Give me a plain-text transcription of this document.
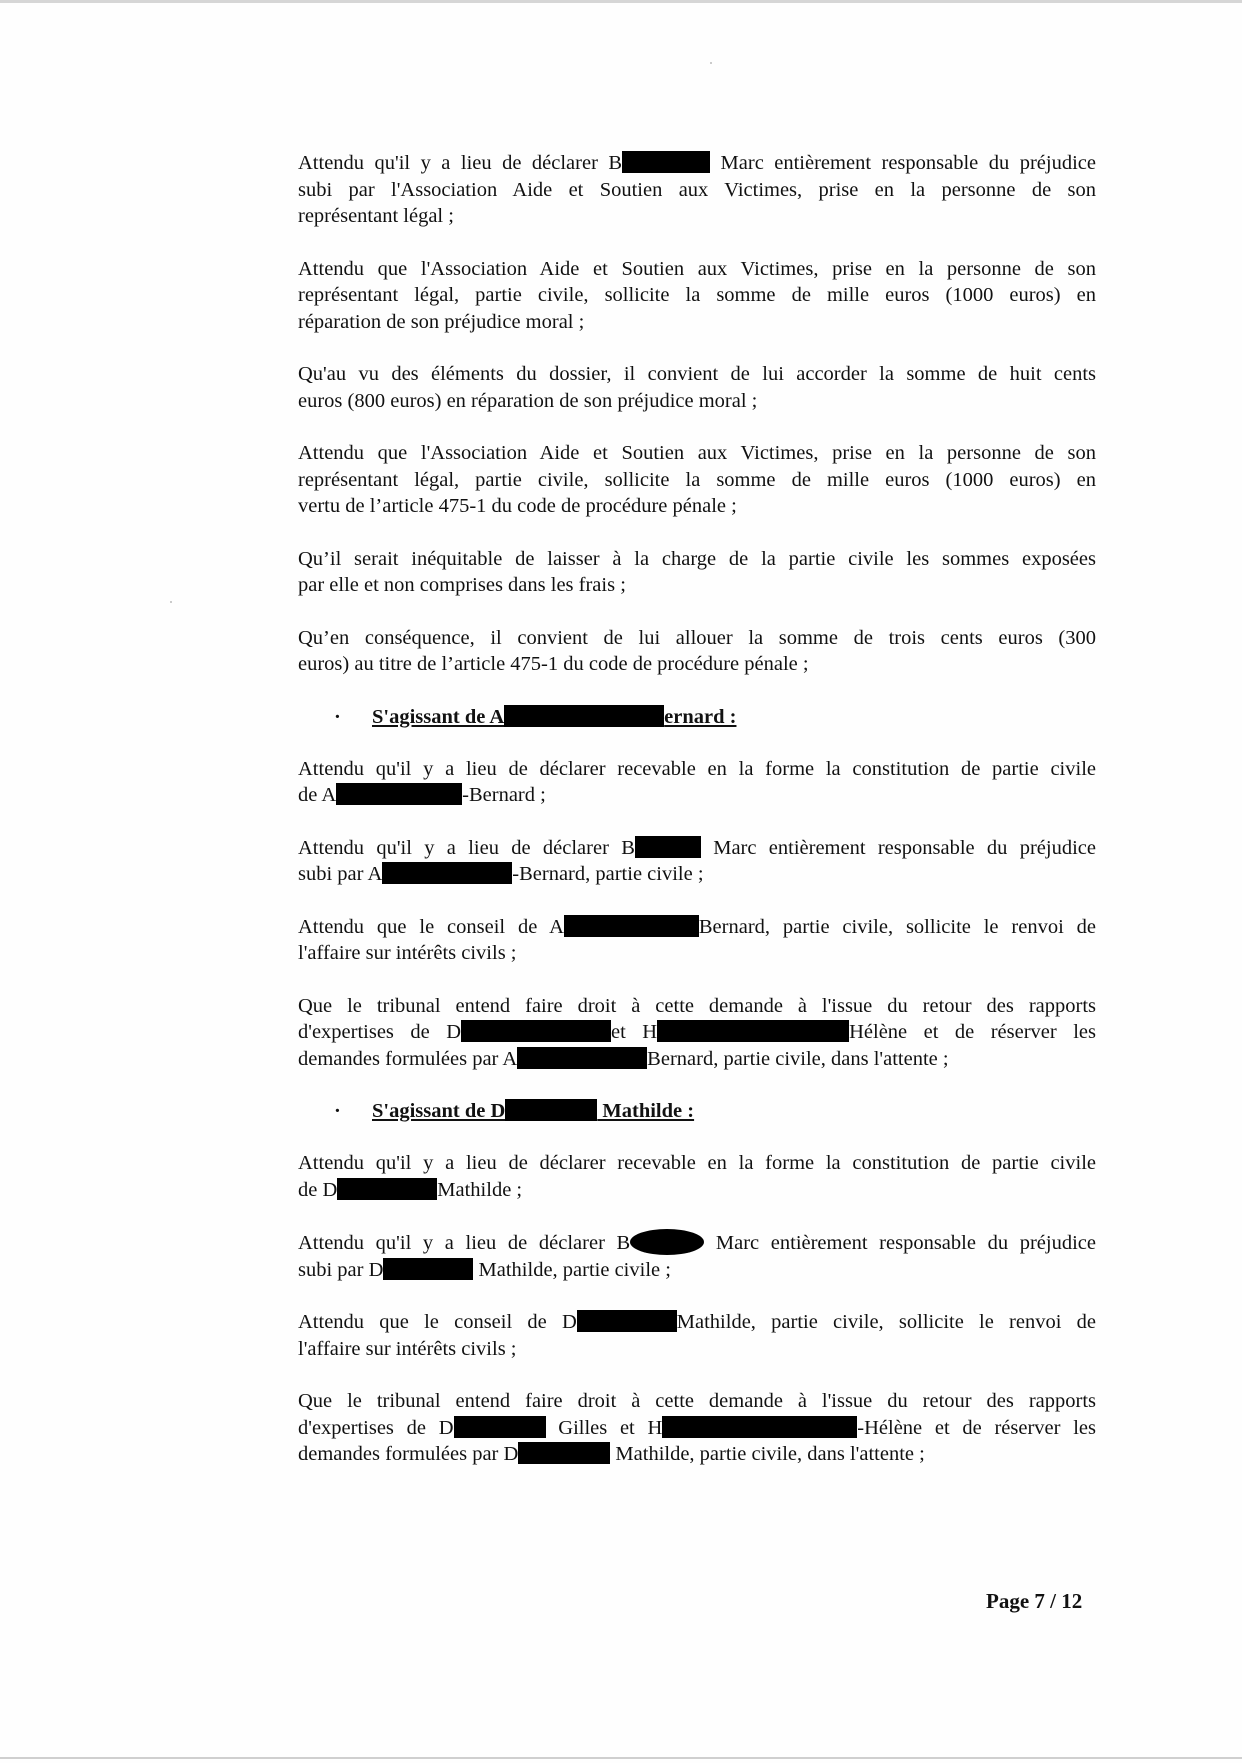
Attendu qu'il y a lieu de déclarer B	Marc entièrement responsable du préjudice
subi par l'Association Aide et Soutien aux Victimes, prise en la personne de son
représentant légal ;
Attendu que l'Association Aide et Soutien aux Victimes, prise en la personne de son
représentant légal, partie civile, sollicite la somme de mille euros (1000 euros) en
réparation de son préjudice moral ;
Qu'au vu des éléments du dossier, il convient de lui accorder la somme de huit cents
euros (800 euros) en réparation de son préjudice moral ;
Attendu que l'Association Aide et Soutien aux Victimes, prise en la personne de son
représentant légal, partie civile, sollicite la somme de mille euros (1000 euros) en
vertu de l’article 475-1 du code de procédure pénale ;
Qu’il serait inéquitable de laisser à la charge de la partie civile les sommes exposées
par elle et non comprises dans les frais ;
Qu’en conséquence, il convient de lui allouer la somme de trois cents euros (300
euros) au titre de l’article 475-1 du code de procédure pénale ;
· S'agissant de A	ernard :
Attendu qu'il y a lieu de déclarer recevable en la forme la constitution de partie civile
de A	-Bernard ;
Attendu qu'il y a lieu de déclarer B	Marc entièrement responsable du préjudice
subi par A	-Bernard, partie civile ;
Attendu que le conseil de A	Bernard, partie civile, sollicite le renvoi de
l'affaire sur intérêts civils ;
Que le tribunal entend faire droit à cette demande à l'issue du retour des rapports
d'expertises de D	et H	Hélène et de réserver les
demandes formulées par A	Bernard, partie civile, dans l'attente ;
· S'agissant de D	Mathilde :
Attendu qu'il y a lieu de déclarer recevable en la forme la constitution de partie civile
de D	Mathilde ;
Attendu qu'il y a lieu de déclarer B	Marc entièrement responsable du préjudice
subi par D	Mathilde, partie civile ;
Attendu que le conseil de D	Mathilde, partie civile, sollicite le renvoi de
l'affaire sur intérêts civils ;
Que le tribunal entend faire droit à cette demande à l'issue du retour des rapports
d'expertises de D	Gilles et H	-Hélène et de réserver les
demandes formulées par D	Mathilde, partie civile, dans l'attente ;
Page 7 / 12
